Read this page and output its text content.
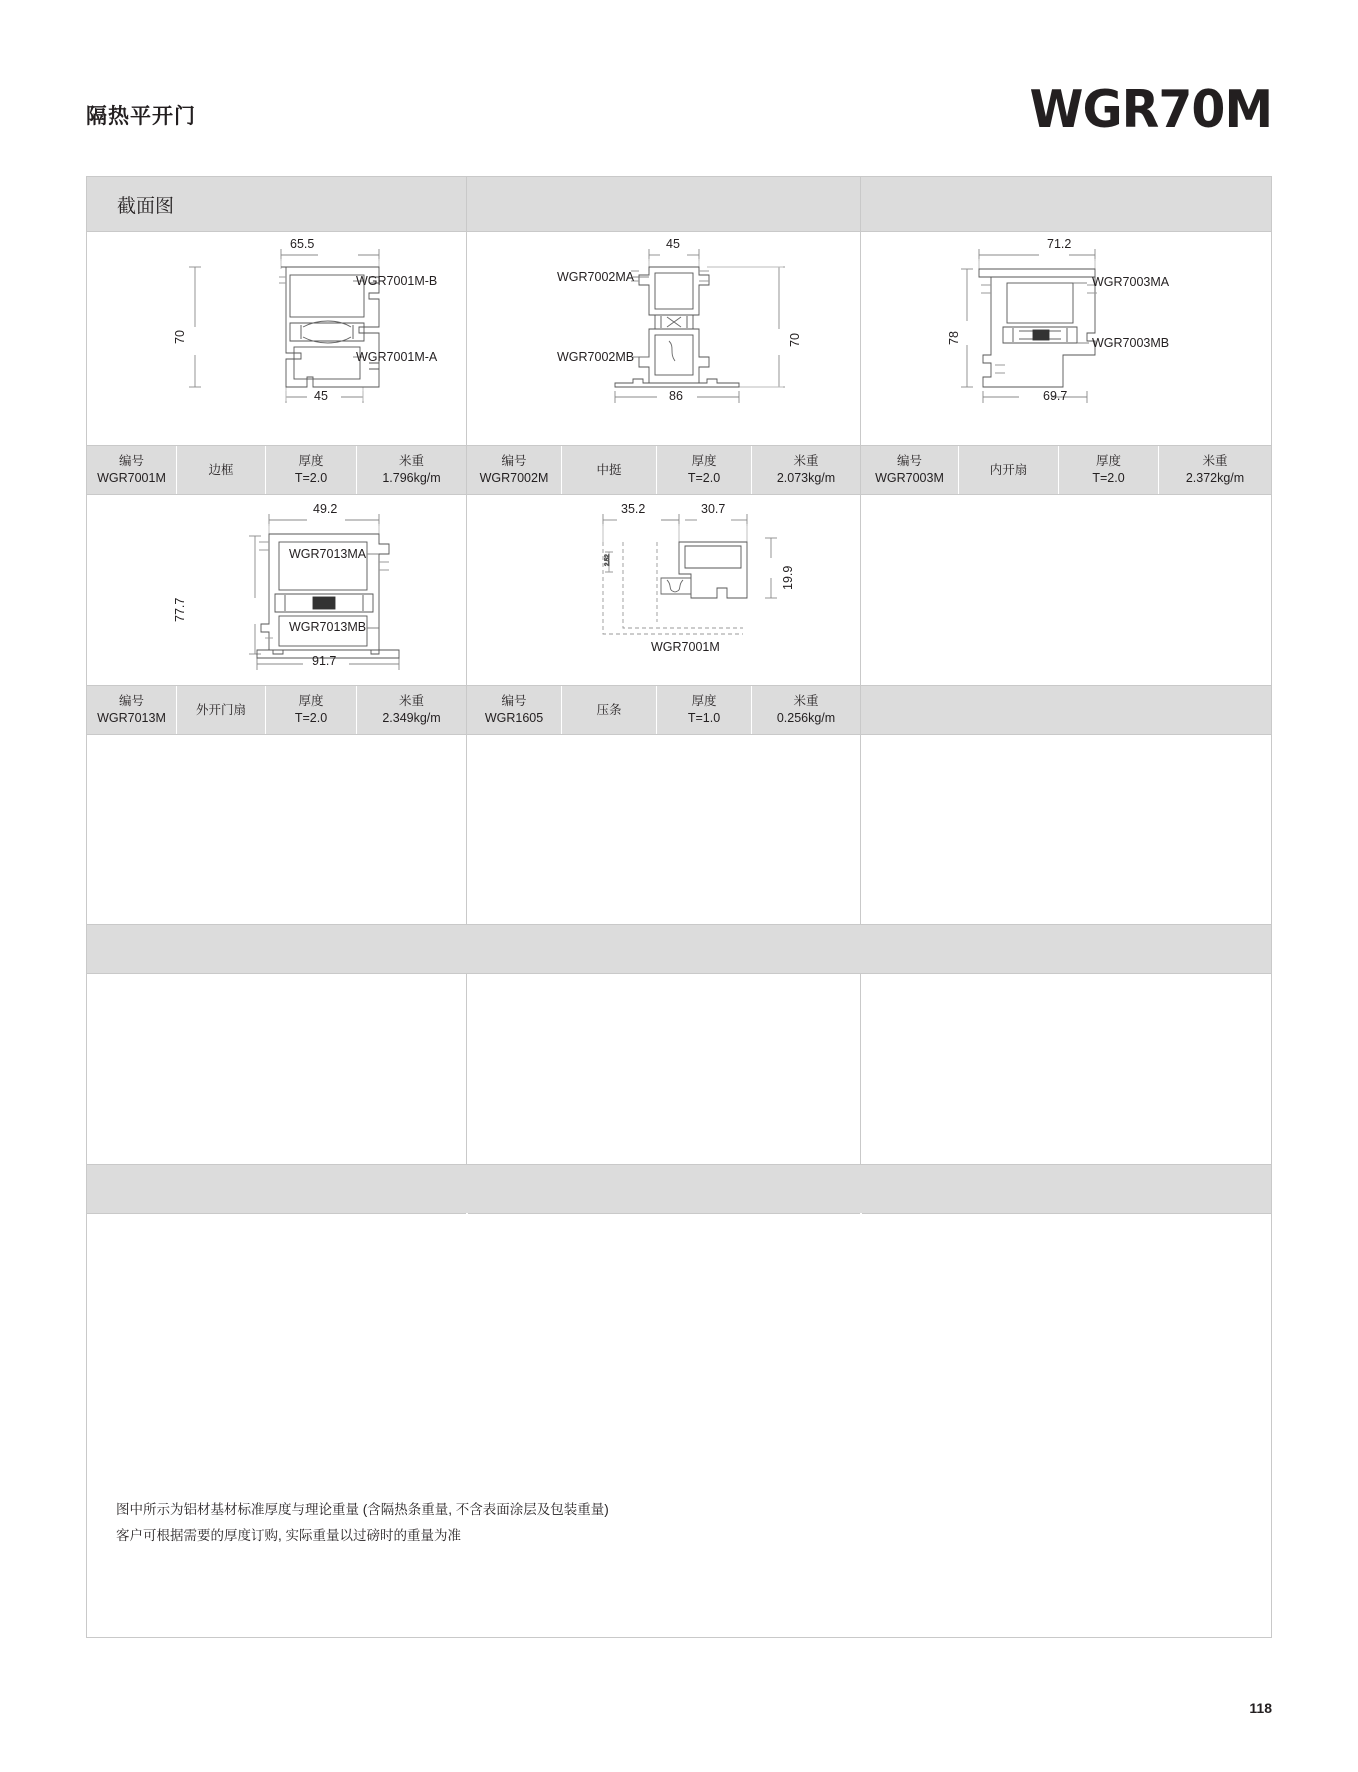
隔热平开门	WGR70M
截面图
65.5
70
45
WGR7001M-B
WGR7001M-A
45
70
86
WGR7002MA
WGR7002MB
71.2
78
69.7
WGR7003MA
WGR7003MB
编号
WGR7001M
边框
厚度
T=2.0
米重
1.796kg/m
编号
WGR7002M
中挺
厚度
T=2.0
米重
2.073kg/m
编号
WGR7003M
内开扇
厚度
T=2.0
米重
2.372kg/m
49.2
77.7
91.7
WGR7013MA
WGR7013MB
35.2	30.7
19.9
WGR7001M
2.52
编号
WGR7013M
外开门扇
厚度
T=2.0
米重
2.349kg/m
编号
WGR1605
压条
厚度
T=1.0
米重
0.256kg/m
图中所示为铝材基材标准厚度与理论重量 (含隔热条重量, 不含表面涂层及包装重量)
客户可根据需要的厚度订购, 实际重量以过磅时的重量为准
118
